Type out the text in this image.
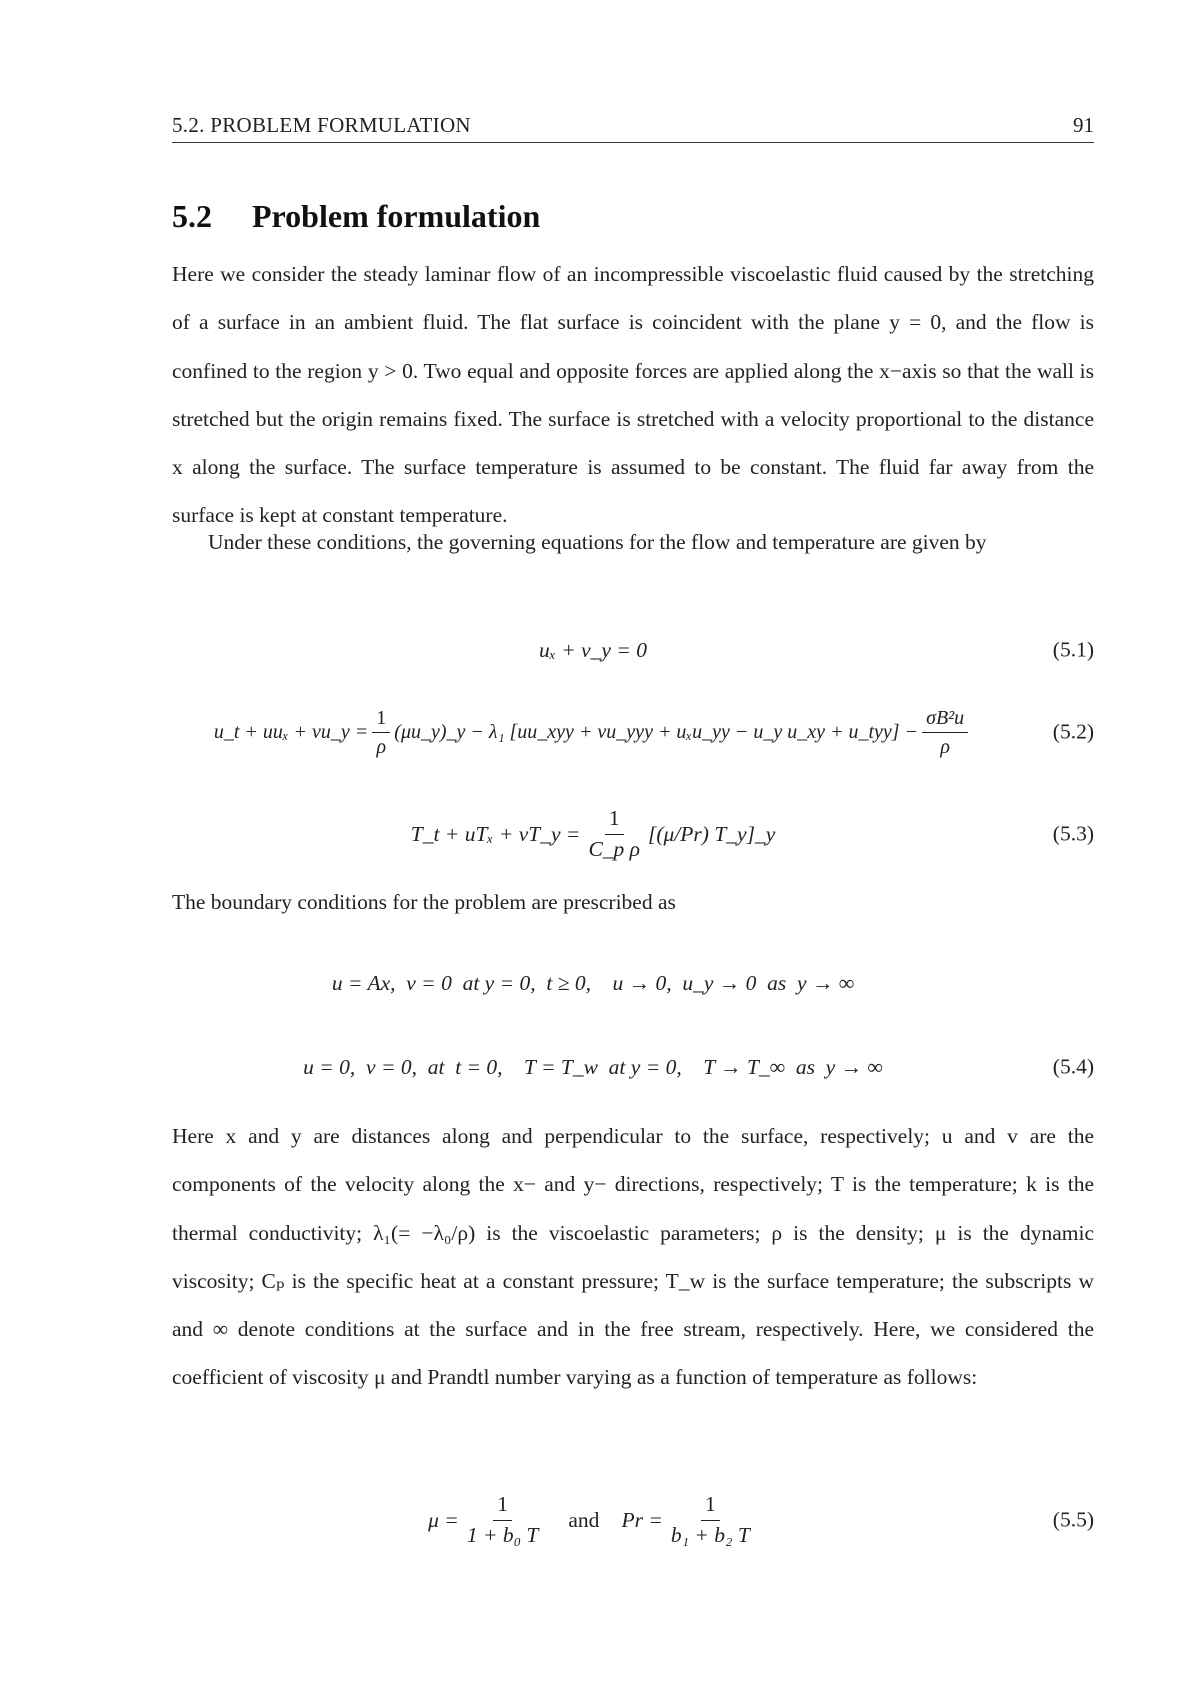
5.2. PROBLEM FORMULATION	91
5.2 Problem formulation

Here we consider the steady laminar flow of an incompressible viscoelastic fluid caused by the stretching of a surface in an ambient fluid. The flat surface is coincident with the plane y = 0, and the flow is confined to the region y > 0. Two equal and opposite forces are applied along the x−axis so that the wall is stretched but the origin remains fixed. The surface is stretched with a velocity proportional to the distance x along the surface. The surface temperature is assumed to be constant. The fluid far away from the surface is kept at constant temperature.

Under these conditions, the governing equations for the flow and temperature are given by

uₓ + v_y = 0	(5.1)
u_t + uuₓ + vu_y = $\frac{1}{\rho}$ (μu_y)_y − λ₁ [uu_xyy + vu_yyy + uₓu_yy − u_y u_xy + u_tyy] − $\frac{\text{σB²u}}{\rho}$	(5.2)
T_t + uTₓ + vT_y = $\frac{1}{\text{C\_p ρ}} [(\mu/Pr)$ T_y]_y	(5.3)

The boundary conditions for the problem are prescribed as

u = Ax,  v = 0  at y = 0,  t ≥ 0,    u → 0,  u_y → 0  as  y → ∞
u = 0,  v = 0,  at  t = 0,    T = T_w  at y = 0,    T → T_∞  as  y → ∞	(5.4)

Here x and y are distances along and perpendicular to the surface, respectively; u and v are the components of the velocity along the x− and y− directions, respectively; T is the temperature; k is the thermal conductivity; λ₁(= −λ₀/ρ) is the viscoelastic parameters; ρ is the density; μ is the dynamic viscosity; Cₚ is the specific heat at a constant pressure; T_w is the surface temperature; the subscripts w and ∞ denote conditions at the surface and in the free stream, respectively. Here, we considered the coefficient of viscosity μ and Prandtl number varying as a function of temperature as follows:

$\mu = \frac{1}{\text{1 + b₀ T}}$ and $Pr = \frac{1}{\text{b₁ + b₂ T}}$	(5.5)
